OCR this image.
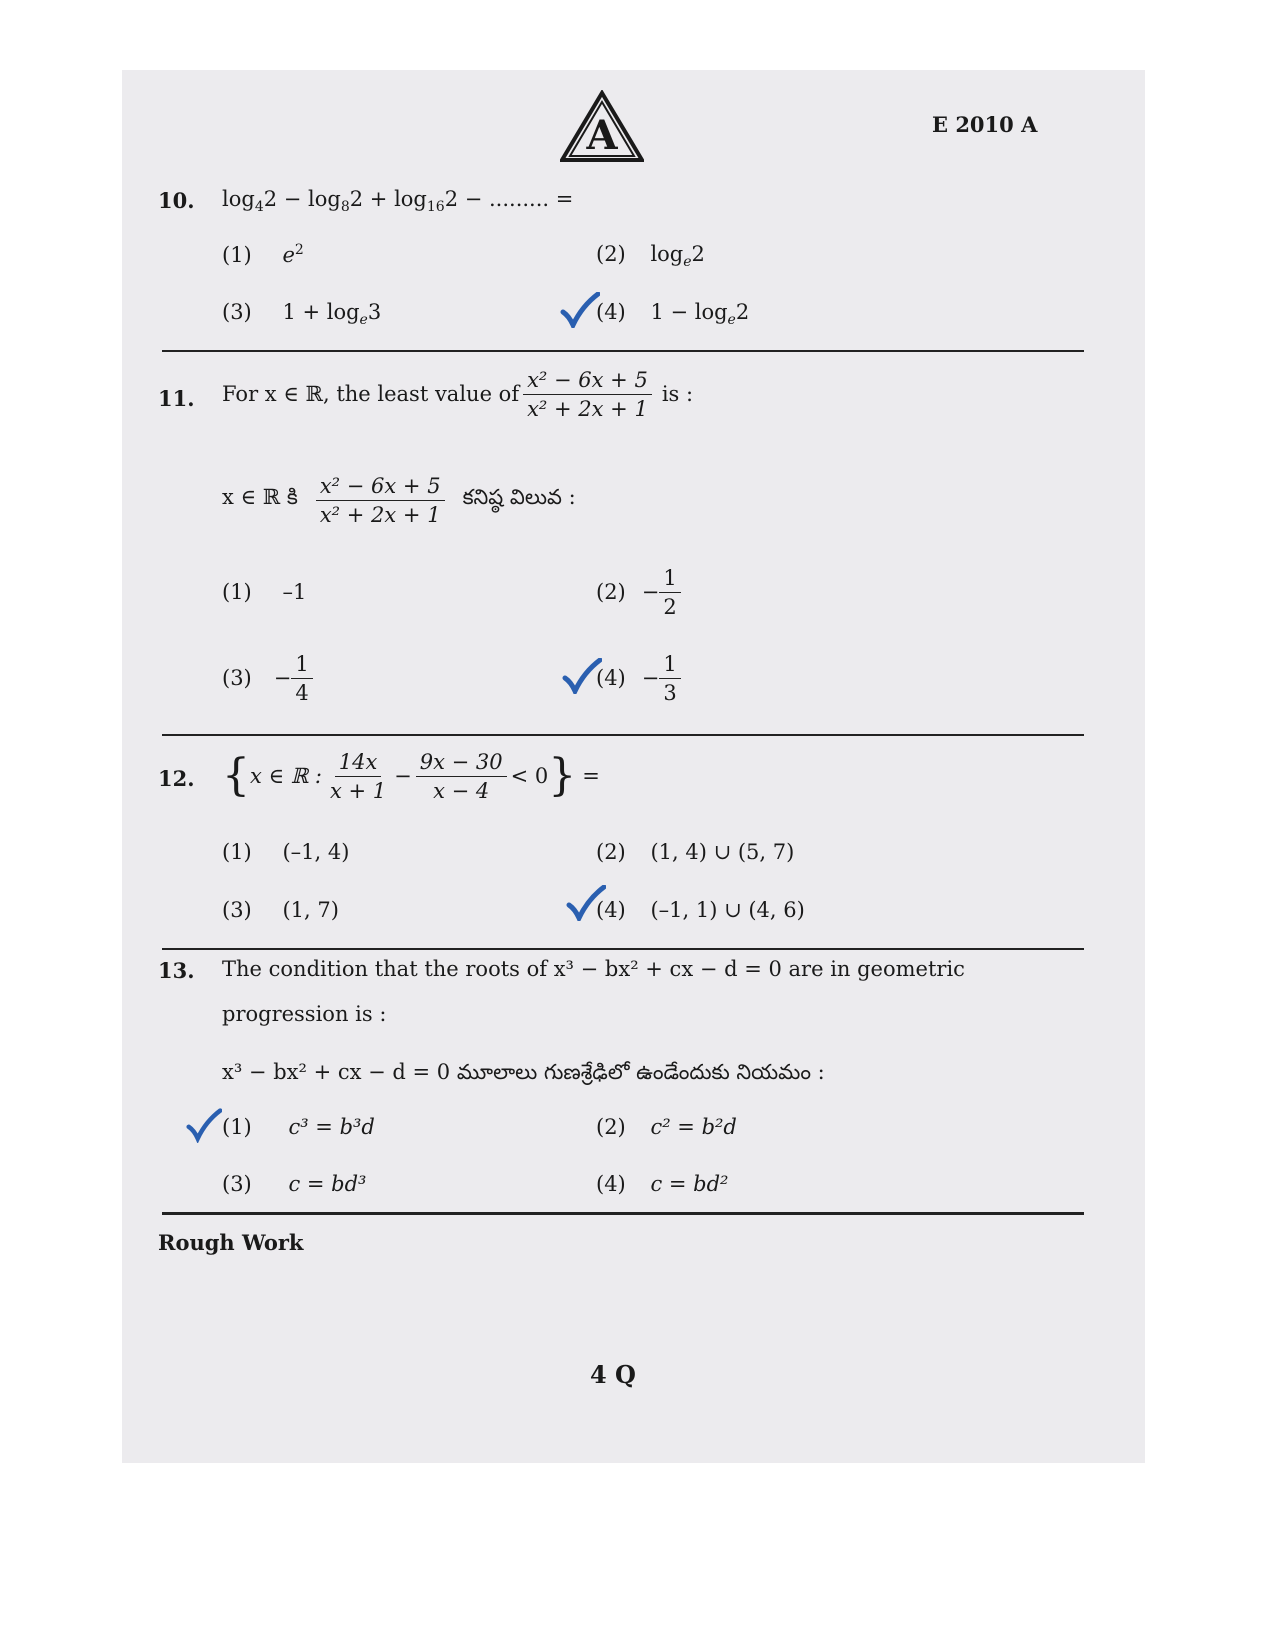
A	E 2010 A
10. $\log_42 - \log_82 + \log_{16}2$ − ......... =
(1) $e^2$	(2) $\log_e2$
(3) $1 + \log_e3$	(4) $1 - \log_e2$
11. For x ∈ ℝ, the least value of $\frac{\text{x² − 6x + 5}}{\text{x² + 2x + 1}}$ is :
x ∈ ℝ కి $\frac{\text{x² − 6x + 5}}{\text{x² + 2x + 1}}$ కనిష్ఠ విలువ :
(1) –1	$(2) - \frac{1}{2}$
$(3) - \frac{1}{4}$	$(4) - \frac{1}{3}$
12. { x ∈ ℝ : $\frac{14x}{x + 1} - \frac{9x - 30}{x - 4} < 0$ } =
(1) (–1, 4)	(2) (1, 4) ∪ (5, 7)
(3) (1, 7)	(4) (–1, 1) ∪ (4, 6)
13. The condition that the roots of x³ − bx² + cx − d = 0 are in geometric
progression is :
x³ − bx² + cx − d = 0 మూలాలు గుణశ్రేఢిలో ఉండేందుకు నియమం :
(1) c³ = b³d	(2) c² = b²d
(3) c = bd³	(4) c = bd²
Rough Work
4 Q
